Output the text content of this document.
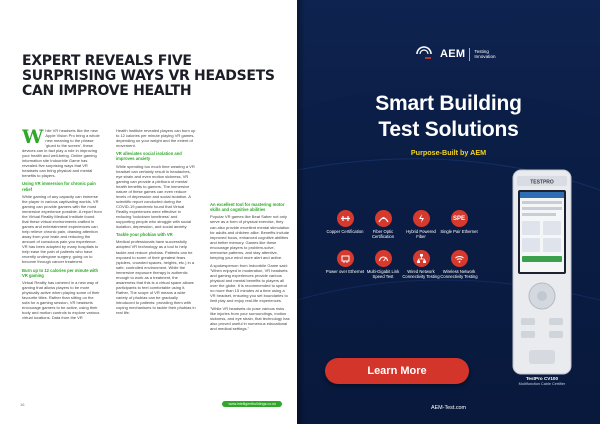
EXPERT REVEALS FIVE SURPRISING WAYS VR HEADSETS CAN IMPROVE HEALTH

While VR headsets like the new Apple Vision Pro bring a whole new meaning to the phrase 'glued to the screen', these devices can in fact play a role in improving your health and well-being. Online gaming information site Indoorbile Game has revealed five surprising ways that VR headsets can bring physical and mental benefits to players.

Using VR immersion for chronic pain relief

While gaming of any capacity can immerse the player in various captivating worlds, VR gaming can provide gamers with the most immersive experience possible. A report from the Virtual Reality Medical Institute found that these virtual environments crafted in games and entertainment experiences can help relieve chronic pain, drawing attention away from your brain and reducing the amount of conscious pain you experience. VR has been adopted by many hospitals to help ease the pain of patients who have recently undergone surgery, going on to become through cancer treatment.

Burn up to 12 calories per minute with VR gaming

Virtual Reality has ushered in a new way of gaming that allows players to be more physically active when playing some of their favourite titles. Rather than sitting on the sofa for a gaming session, VR headsets encourage gamers to be active, using their body and motion controls to explore various virtual locations. Data from the VR

Health Institute revealed players can burn up to 12 calories per minute playing VR games, depending on your weight and the extent of movement.

VR alleviates social isolation and improves anxiety

While spending too much time wearing a VR headset can certainly result in headaches, eye strain and even motion sickness, VR gaming can provide a plethora of mental health benefits to gamers. The immersive nature of these games can even reduce levels of depression and social isolation. A scientific report conducted during the COVID-19 pandemic found that Virtual Reality experiences were effective in reducing 'lockdown loneliness' and supporting people who struggle with social isolation, depression, and social anxiety.

Tackle your phobias with VR

Medical professionals have successfully adopted VR technology as a tool to help tackle and reduce phobias. Patients can be exposed to some of their greatest fears (spiders, crowded spaces, heights, etc.) in a safe, controlled environment. While the immersive exposure therapy is authentic enough to work as a treatment, the awareness that this is a virtual space allows participants to feel comfortable using it. Rather, The scope of VR means a wide variety of phobias can be gradually introduced to patients: providing them with coping mechanisms to tackle their phobias in real life.

An excellent tool for mastering motor skills and cognitive abilities

Popular VR games like Beat Saber not only serve as a form of physical exercise, they can also provide excellent mental stimulation for adults and children alike. Benefits include improved focus, enhanced cognitive abilities and better memory. Games like these encourage players to problem-solve, memorise patterns, and stay attentive, keeping your mind more alert and active.

A spokesperson from Indoorbile Game said: "When enjoyed in moderation, VR headsets and gaming experiences provide various physical and mental benefits to players all over the globe. It is recommended to spend no more than 15 minutes at a time using a VR headset, ensuring you set boundaries to limit play and enjoy real-life experiences.

"While VR headsets do pose various risks like injuries from your surroundings, motion sickness, and eye strain, that technology has also proved useful in numerous educational and medical settings."

16	www.intelligentbuildings.co.uk
AEM Testing
Innovation
Smart Building
Test Solutions
Purpose-Built by AEM
Copper Certification	Fiber Optic Certification
Hybrid Powered Fiber
SPE
Single Pair Ethernet
Power over Ethernet Multi-Gigabit Link Speed Test
Wired Network Connectivity Testing
Wireless Network Connectivity Testing
Learn More
TESTPRO
TestPro CV100
Multifunction Cable Certifier
AEM-Test.com
